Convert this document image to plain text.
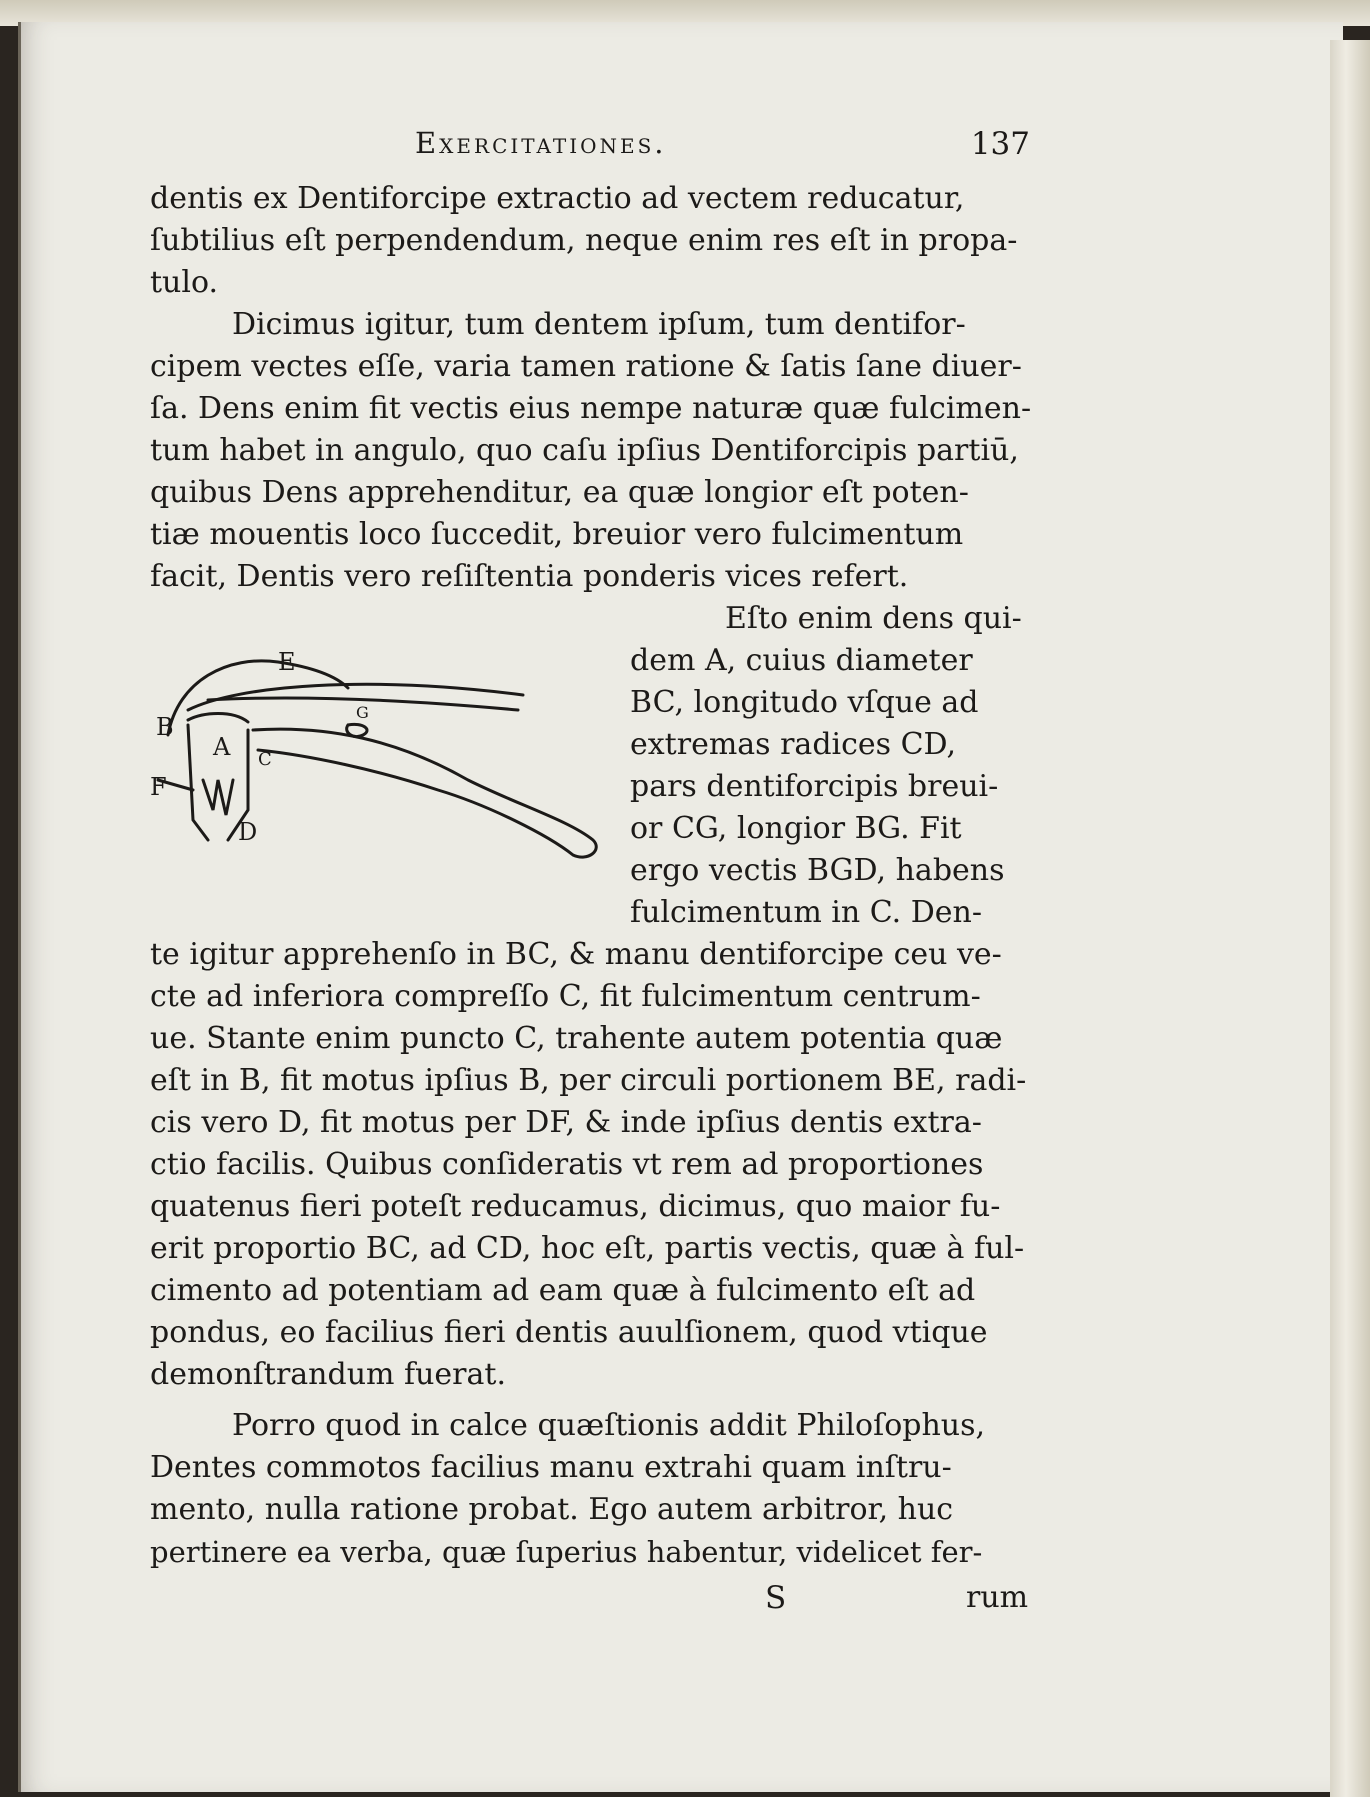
Exercitationes.	137
dentis ex Dentiforcipe extractio ad vectem reducatur,
ſubtilius eſt perpendendum, neque enim res eſt in propa-
tulo.
Dicimus igitur, tum dentem ipſum, tum dentifor-
cipem vectes eſſe, varia tamen ratione & ſatis ſane diuer-
ſa. Dens enim fit vectis eius nempe naturæ quæ fulcimen-
tum habet in angulo, quo caſu ipſius Dentiforcipis partiū,
quibus Dens apprehenditur, ea quæ longior eſt poten-
tiæ mouentis loco ſuccedit, breuior vero fulcimentum
facit, Dentis vero reſiſtentia ponderis vices refert.
Eſto enim dens qui-
dem A, cuius diameter
BC, longitudo vſque ad
extremas radices CD,
pars dentiforcipis breui-
or CG, longior BG. Fit
ergo vectis BGD, habens
fulcimentum in C. Den-
E
B
A C
F
D
G
te igitur apprehenſo in BC, & manu dentiforcipe ceu ve-
cte ad inferiora compreſſo C, fit fulcimentum centrum-
ue. Stante enim puncto C, trahente autem potentia quæ
eſt in B, fit motus ipſius B, per circuli portionem BE, radi-
cis vero D, fit motus per DF, & inde ipſius dentis extra-
ctio facilis. Quibus conſideratis vt rem ad proportiones
quatenus fieri poteſt reducamus, dicimus, quo maior fu-
erit proportio BC, ad CD, hoc eſt, partis vectis, quæ à ful-
cimento ad potentiam ad eam quæ à fulcimento eſt ad
pondus, eo facilius fieri dentis auulſionem, quod vtique
demonſtrandum fuerat.
Porro quod in calce quæſtionis addit Philoſophus,
Dentes commotos facilius manu extrahi quam inſtru-
mento, nulla ratione probat. Ego autem arbitror, huc
pertinere ea verba, quæ ſuperius habentur, videlicet fer-
S	rum
